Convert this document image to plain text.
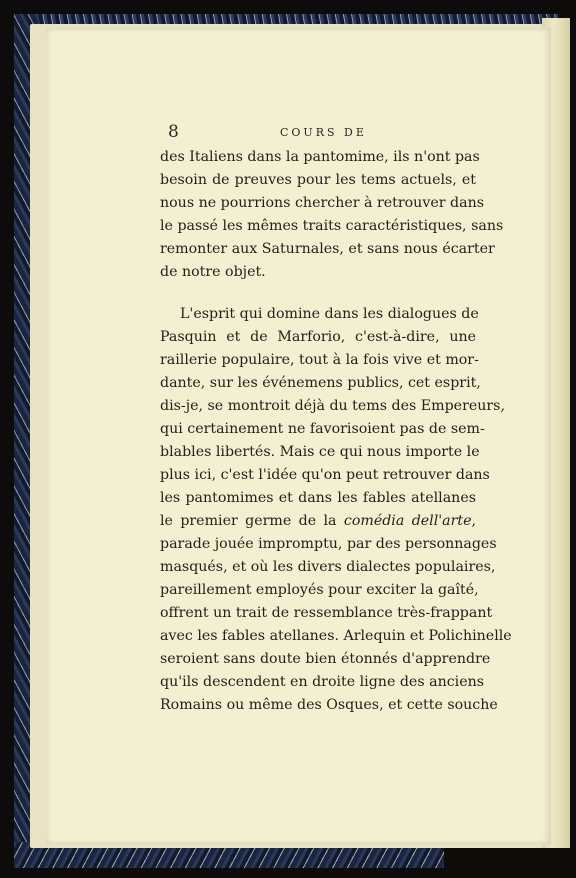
8	COURS DE
des Italiens dans la pantomime, ils n'ont pas
besoin de preuves pour les tems actuels, et
nous ne pourrions chercher à retrouver dans
le passé les mêmes traits caractéristiques, sans
remonter aux Saturnales, et sans nous écarter
de notre objet.
L'esprit qui domine dans les dialogues de
Pasquin et de Marforio, c'est-à-dire, une
raillerie populaire, tout à la fois vive et mor-
dante, sur les événemens publics, cet esprit,
dis-je, se montroit déjà du tems des Empereurs,
qui certainement ne favorisoient pas de sem-
blables libertés. Mais ce qui nous importe le
plus ici, c'est l'idée qu'on peut retrouver dans
les pantomimes et dans les fables atellanes
le premier germe de la comédia dell'arte,
parade jouée impromptu, par des personnages
masqués, et où les divers dialectes populaires,
pareillement employés pour exciter la gaîté,
offrent un trait de ressemblance très-frappant
avec les fables atellanes. Arlequin et Polichinelle
seroient sans doute bien étonnés d'apprendre
qu'ils descendent en droite ligne des anciens
Romains ou même des Osques, et cette souche
